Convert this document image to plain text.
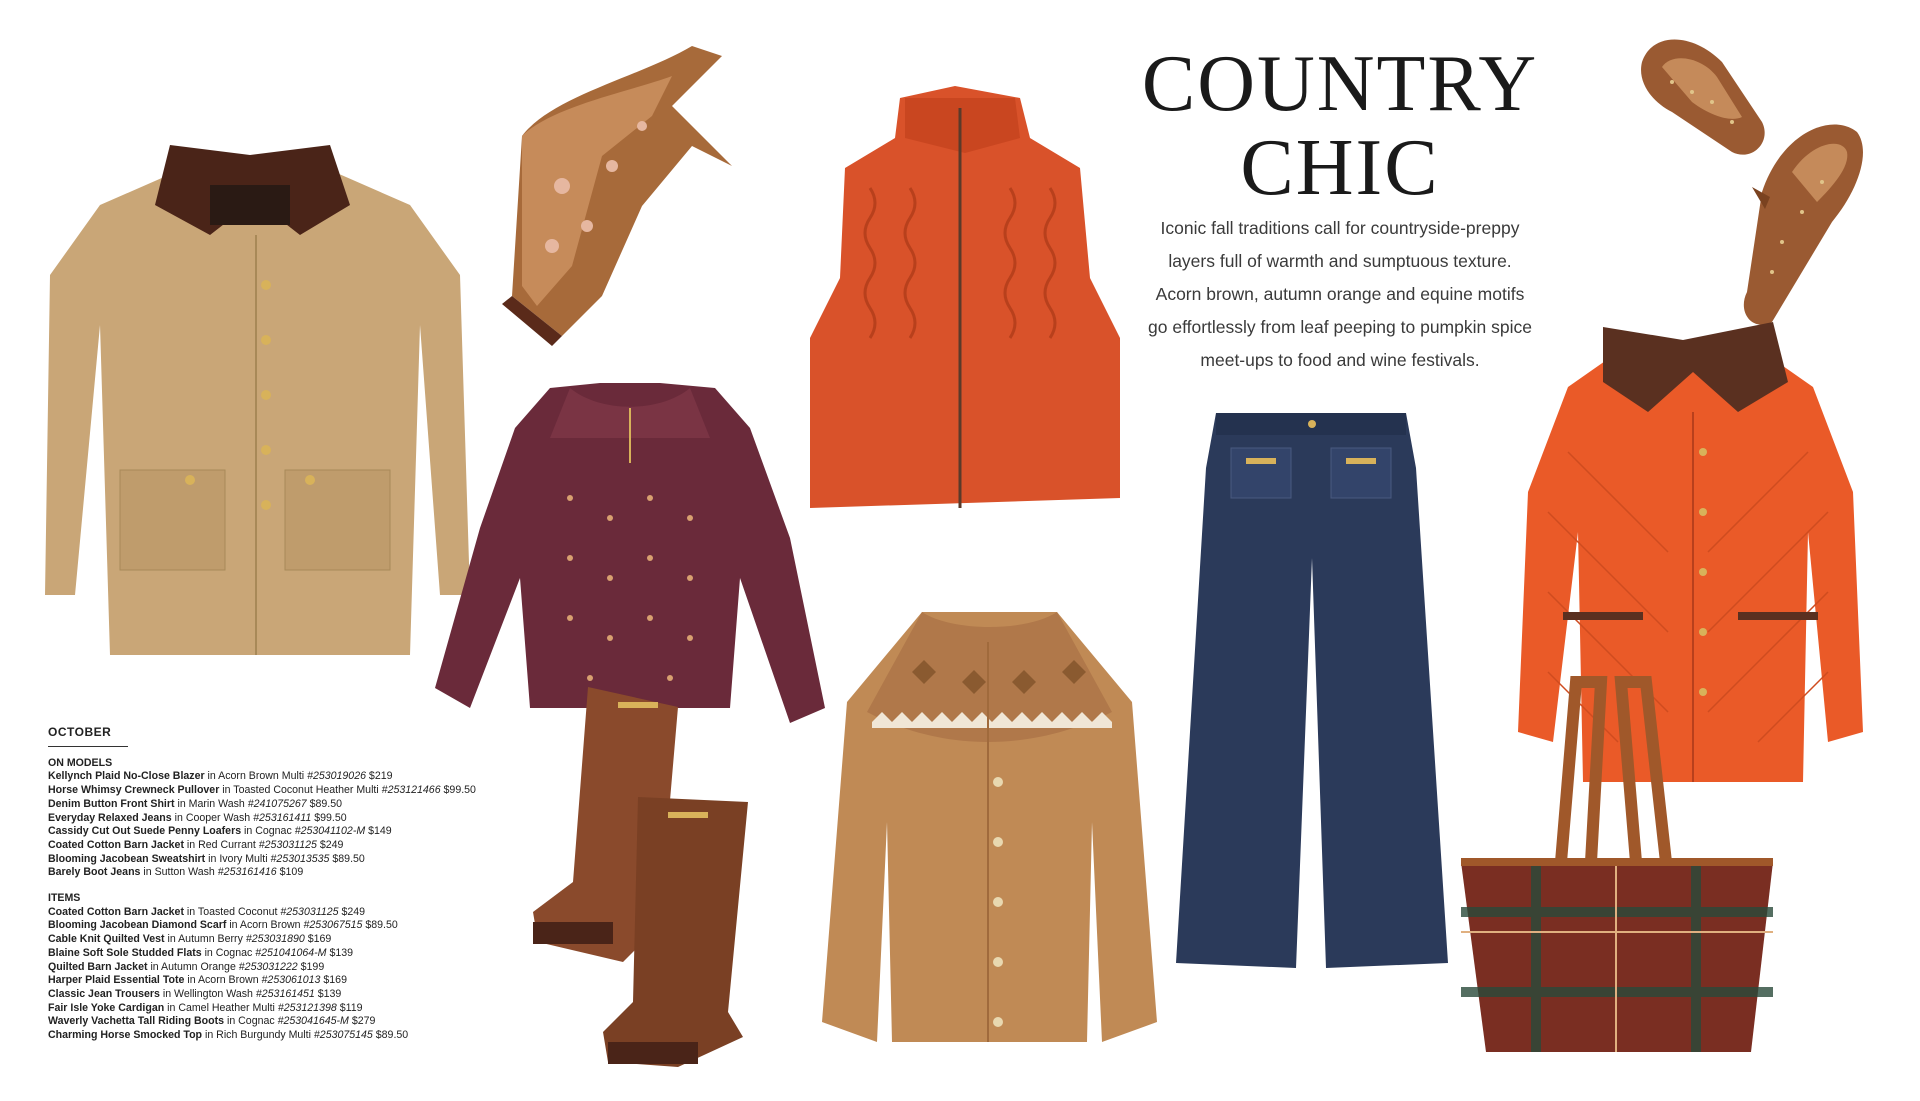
COUNTRY
CHIC
Iconic fall traditions call for countryside-preppy
layers full of warmth and sumptuous texture.
Acorn brown, autumn orange and equine motifs
go effortlessly from leaf peeping to pumpkin spice
meet-ups to food and wine festivals.
OCTOBER
ON MODELS
Kellynch Plaid No-Close Blazer in Acorn Brown Multi #253019026 $219
Horse Whimsy Crewneck Pullover in Toasted Coconut Heather Multi #253121466 $99.50
Denim Button Front Shirt in Marin Wash #241075267 $89.50
Everyday Relaxed Jeans in Cooper Wash #253161411 $99.50
Cassidy Cut Out Suede Penny Loafers in Cognac #253041102-M $149
Coated Cotton Barn Jacket in Red Currant #253031125 $249
Blooming Jacobean Sweatshirt in Ivory Multi #253013535 $89.50
Barely Boot Jeans in Sutton Wash #253161416 $109
ITEMS
Coated Cotton Barn Jacket in Toasted Coconut #253031125 $249
Blooming Jacobean Diamond Scarf in Acorn Brown #253067515 $89.50
Cable Knit Quilted Vest in Autumn Berry #253031890 $169
Blaine Soft Sole Studded Flats in Cognac #251041064-M $139
Quilted Barn Jacket in Autumn Orange #253031222 $199
Harper Plaid Essential Tote in Acorn Brown #253061013 $169
Classic Jean Trousers in Wellington Wash #253161451 $139
Fair Isle Yoke Cardigan in Camel Heather Multi #253121398 $119
Waverly Vachetta Tall Riding Boots in Cognac #253041645-M $279
Charming Horse Smocked Top in Rich Burgundy Multi #253075145 $89.50
